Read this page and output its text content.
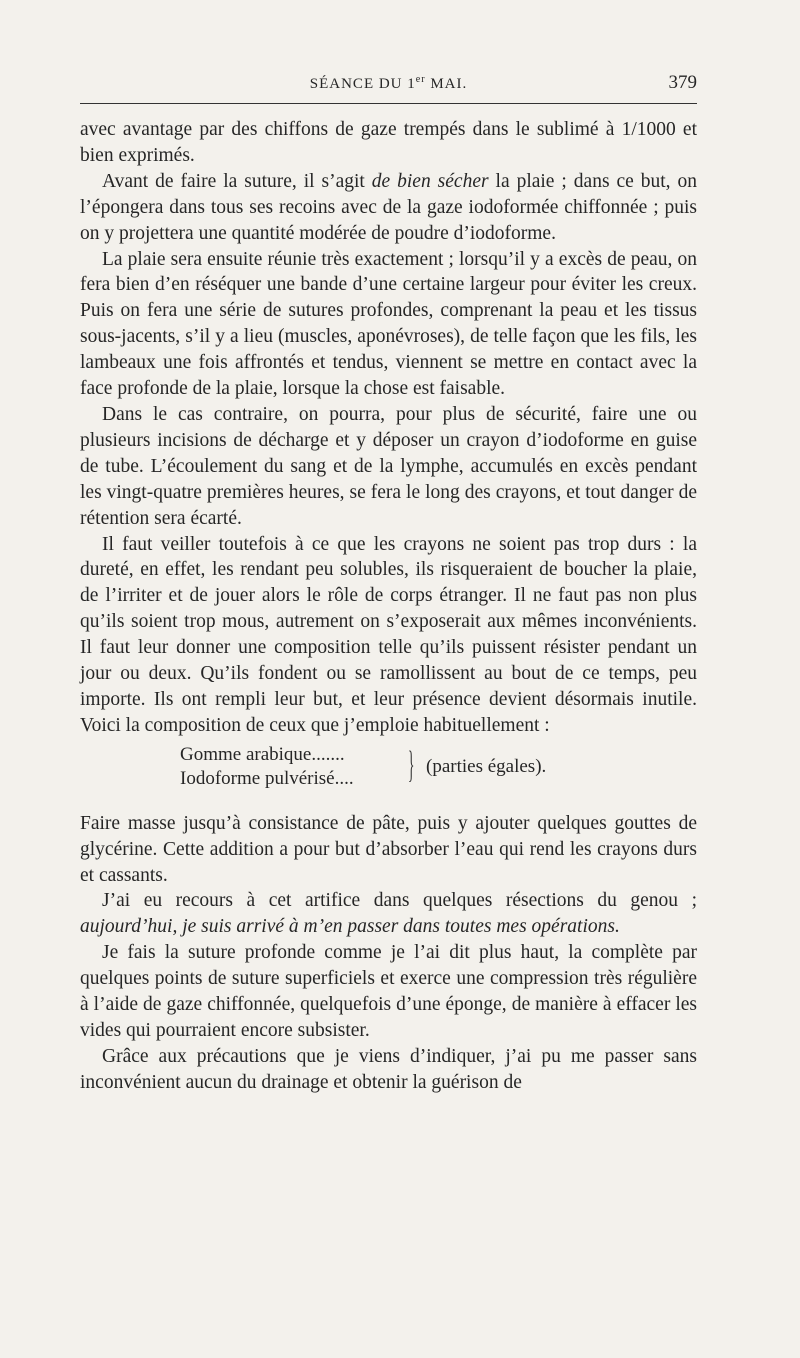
SÉANCE DU 1er MAI.	379

avec avantage par des chiffons de gaze trempés dans le sublimé à 1/1000 et bien exprimés.

Avant de faire la suture, il s’agit de bien sécher la plaie ; dans ce but, on l’épongera dans tous ses recoins avec de la gaze iodoformée chiffonnée ; puis on y projettera une quantité modérée de poudre d’iodoforme.

La plaie sera ensuite réunie très exactement ; lorsqu’il y a excès de peau, on fera bien d’en réséquer une bande d’une certaine largeur pour éviter les creux. Puis on fera une série de sutures profondes, comprenant la peau et les tissus sous-jacents, s’il y a lieu (muscles, aponévroses), de telle façon que les fils, les lambeaux une fois affrontés et tendus, viennent se mettre en contact avec la face profonde de la plaie, lorsque la chose est faisable.

Dans le cas contraire, on pourra, pour plus de sécurité, faire une ou plusieurs incisions de décharge et y déposer un crayon d’iodoforme en guise de tube. L’écoulement du sang et de la lymphe, accumulés en excès pendant les vingt-quatre premières heures, se fera le long des crayons, et tout danger de rétention sera écarté.

Il faut veiller toutefois à ce que les crayons ne soient pas trop durs : la dureté, en effet, les rendant peu solubles, ils risqueraient de boucher la plaie, de l’irriter et de jouer alors le rôle de corps étranger. Il ne faut pas non plus qu’ils soient trop mous, autrement on s’exposerait aux mêmes inconvénients. Il faut leur donner une composition telle qu’ils puissent résister pendant un jour ou deux. Qu’ils fondent ou se ramollissent au bout de ce temps, peu importe. Ils ont rempli leur but, et leur présence devient désormais inutile. Voici la composition de ceux que j’emploie habituellement :

Gomme arabique.......
Iodoforme pulvérisé.... } (parties égales).

Faire masse jusqu’à consistance de pâte, puis y ajouter quelques gouttes de glycérine. Cette addition a pour but d’absorber l’eau qui rend les crayons durs et cassants.

J’ai eu recours à cet artifice dans quelques résections du genou ; aujourd’hui, je suis arrivé à m’en passer dans toutes mes opérations.

Je fais la suture profonde comme je l’ai dit plus haut, la complète par quelques points de suture superficiels et exerce une compression très régulière à l’aide de gaze chiffonnée, quelquefois d’une éponge, de manière à effacer les vides qui pourraient encore subsister.

Grâce aux précautions que je viens d’indiquer, j’ai pu me passer sans inconvénient aucun du drainage et obtenir la guérison de
